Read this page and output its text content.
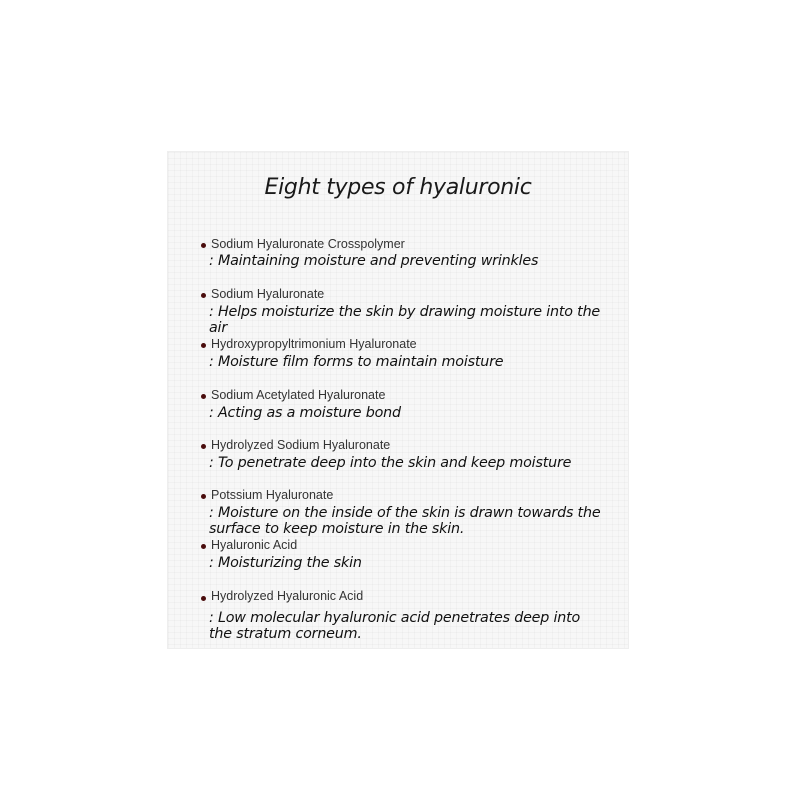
Eight types of hyaluronic
Sodium Hyaluronate Crosspolymer
: Maintaining moisture and preventing wrinkles
Sodium Hyaluronate
: Helps moisturize the skin by drawing moisture into the air
Hydroxypropyltrimonium Hyaluronate
: Moisture film forms to maintain moisture
Sodium Acetylated Hyaluronate
: Acting as a moisture bond
Hydrolyzed Sodium Hyaluronate
: To penetrate deep into the skin and keep moisture
Potssium Hyaluronate
: Moisture on the inside of the skin is drawn towards the surface to keep moisture in the skin.
Hyaluronic Acid
: Moisturizing the skin
Hydrolyzed Hyaluronic Acid
: Low molecular hyaluronic acid penetrates deep into the stratum corneum.
